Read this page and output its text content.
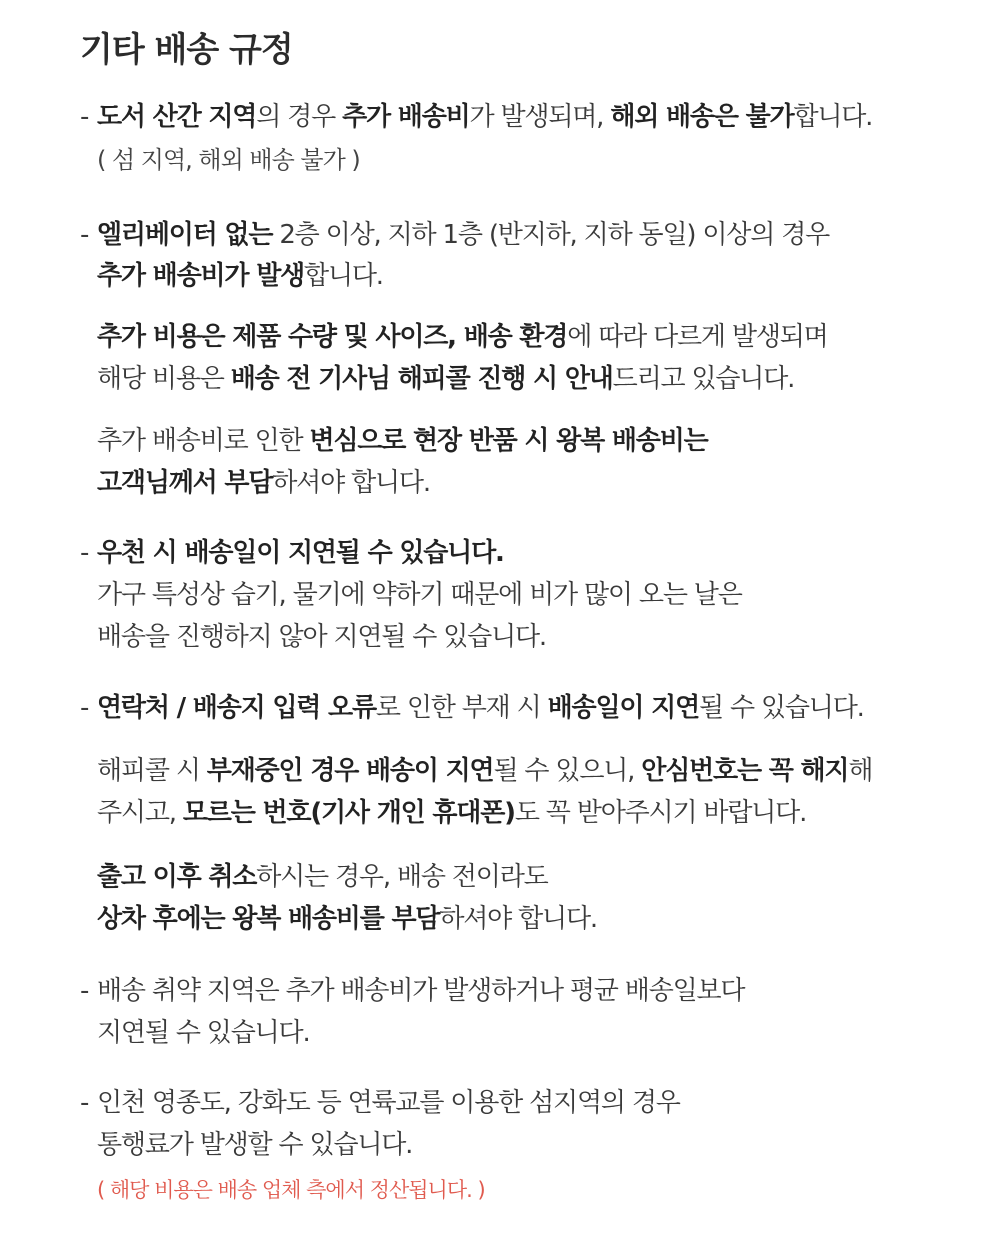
기타 배송 규정
- 도서 산간 지역의 경우 추가 배송비가 발생되며, 해외 배송은 불가합니다.
( 섬 지역, 해외 배송 불가 )
- 엘리베이터 없는 2층 이상, 지하 1층 (반지하, 지하 동일) 이상의 경우
추가 배송비가 발생합니다.
추가 비용은 제품 수량 및 사이즈, 배송 환경에 따라 다르게 발생되며
해당 비용은 배송 전 기사님 해피콜 진행 시 안내드리고 있습니다.
추가 배송비로 인한 변심으로 현장 반품 시 왕복 배송비는
고객님께서 부담하셔야 합니다.
- 우천 시 배송일이 지연될 수 있습니다.
가구 특성상 습기, 물기에 약하기 때문에 비가 많이 오는 날은
배송을 진행하지 않아 지연될 수 있습니다.
- 연락처 / 배송지 입력 오류로 인한 부재 시 배송일이 지연될 수 있습니다.
해피콜 시 부재중인 경우 배송이 지연될 수 있으니, 안심번호는 꼭 해지해
주시고, 모르는 번호(기사 개인 휴대폰)도 꼭 받아주시기 바랍니다.
출고 이후 취소하시는 경우, 배송 전이라도
상차 후에는 왕복 배송비를 부담하셔야 합니다.
- 배송 취약 지역은 추가 배송비가 발생하거나 평균 배송일보다
지연될 수 있습니다.
- 인천 영종도, 강화도 등 연륙교를 이용한 섬지역의 경우
통행료가 발생할 수 있습니다.
( 해당 비용은 배송 업체 측에서 정산됩니다. )
